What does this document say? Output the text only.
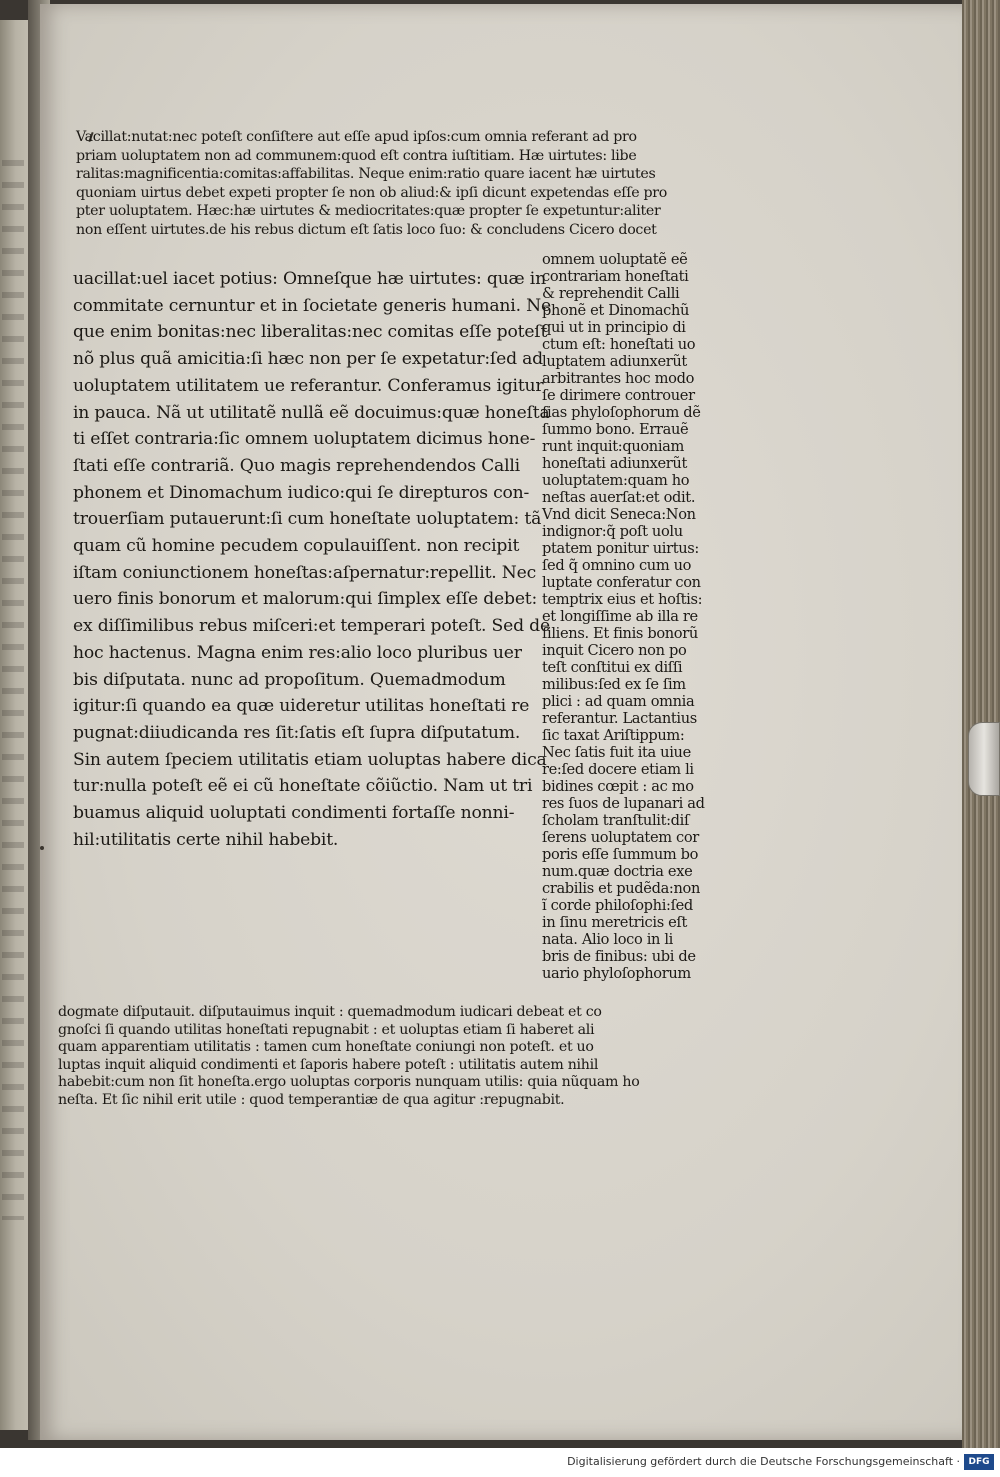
Vacillat:nutat:nec poteſt conſiſtere aut eſſe apud ipſos:cum omnia referant ad pro
priam uoluptatem non ad communem:quod eſt contra iuſtitiam. Hæ uirtutes: libe
ralitas:magnificentia:comitas:affabilitas. Neque enim:ratio quare iacent hæ uirtutes
quoniam uirtus debet expeti propter ſe non ob aliud:& ipſi dicunt expetendas eſſe pro
pter uoluptatem. Hæc:hæ uirtutes & mediocritates:quæ propter ſe expetuntur:aliter
non eſſent uirtutes.de his rebus dictum eſt ſatis loco ſuo: & concludens Cicero docet
uacillat:uel iacet potius: Omneſque hæ uirtutes: quæ in
commitate cernuntur et in ſocietate generis humani. Ne
que enim bonitas:nec liberalitas:nec comitas eſſe poteſt
nõ plus quã amicitia:ſi hæc non per ſe expetatur:ſed ad
uoluptatem utilitatem ue referantur. Conferamus igitur
in pauca. Nã ut utilitatẽ nullã eẽ docuimus:quæ honeſta
ti eſſet contraria:ſic omnem uoluptatem dicimus hone-
ſtati eſſe contrariã. Quo magis reprehendendos Calli
phonem et Dinomachum iudico:qui ſe direpturos con-
trouerſiam putauerunt:ſi cum honeſtate uoluptatem: tã
quam cũ homine pecudem copulauiſſent. non recipit
iſtam coniunctionem honeſtas:aſpernatur:repellit. Nec
uero finis bonorum et malorum:qui ſimplex eſſe debet:
ex diſſimilibus rebus miſceri:et temperari poteſt. Sed de
hoc hactenus. Magna enim res:alio loco pluribus uer
bis diſputata. nunc ad propoſitum. Quemadmodum
igitur:ſi quando ea quæ uideretur utilitas honeſtati re
pugnat:diiudicanda res ſit:ſatis eſt ſupra diſputatum.
Sin autem ſpeciem utilitatis etiam uoluptas habere dica
tur:nulla poteſt eẽ ei cũ honeſtate cõiũctio. Nam ut tri
buamus aliquid uoluptati condimenti fortaſſe nonni-
hil:utilitatis certe nihil habebit.
omnem uoluptatẽ eẽ
contrariam honeſtati
& reprehendit Calli
phonẽ et Dinomachũ
qui ut in principio di
ctum eſt: honeſtati uo
luptatem adiunxerũt
arbitrantes hoc modo
ſe dirimere controuer
ſias phyloſophorum dẽ
ſummo bono. Errauẽ
runt inquit:quoniam
honeſtati adiunxerũt
uoluptatem:quam ho
neſtas auerſat:et odit.
Vnd dicit Seneca:Non
indignor:q̃ poſt uolu
ptatem ponitur uirtus:
ſed q̃ omnino cum uo
luptate conferatur con
temptrix eius et hoſtis:
et longiſſime ab illa re
ſiliens. Et finis bonorũ
inquit Cicero non po
teſt conſtitui ex diſſi
milibus:ſed ex ſe ſim
plici : ad quam omnia
referantur. Lactantius
ſic taxat Ariſtippum:
Nec ſatis fuit ita uiue
re:ſed docere etiam li
bidines cœpit : ac mo
res ſuos de lupanari ad
ſcholam tranſtulit:diſ
ſerens uoluptatem cor
poris eſſe ſummum bo
num.quæ doctria exe
crabilis et pudẽda:non
ĩ corde philoſophi:ſed
in ſinu meretricis eſt
nata. Alio loco in li
bris de finibus: ubi de
uario phyloſophorum
dogmate diſputauit. diſputauimus inquit : quemadmodum iudicari debeat et co
gnoſci ſi quando utilitas honeſtati repugnabit : et uoluptas etiam ſi haberet ali
quam apparentiam utilitatis : tamen cum honeſtate coniungi non poteſt. et uo
luptas inquit aliquid condimenti et ſaporis habere poteſt : utilitatis autem nihil
habebit:cum non ſit honeſta.ergo uoluptas corporis nunquam utilis: quia nũquam ho
neſta. Et ſic nihil erit utile : quod temperantiæ de qua agitur :repugnabit.
Digitalisierung gefördert durch die Deutsche Forschungsgemeinschaft · DFG
